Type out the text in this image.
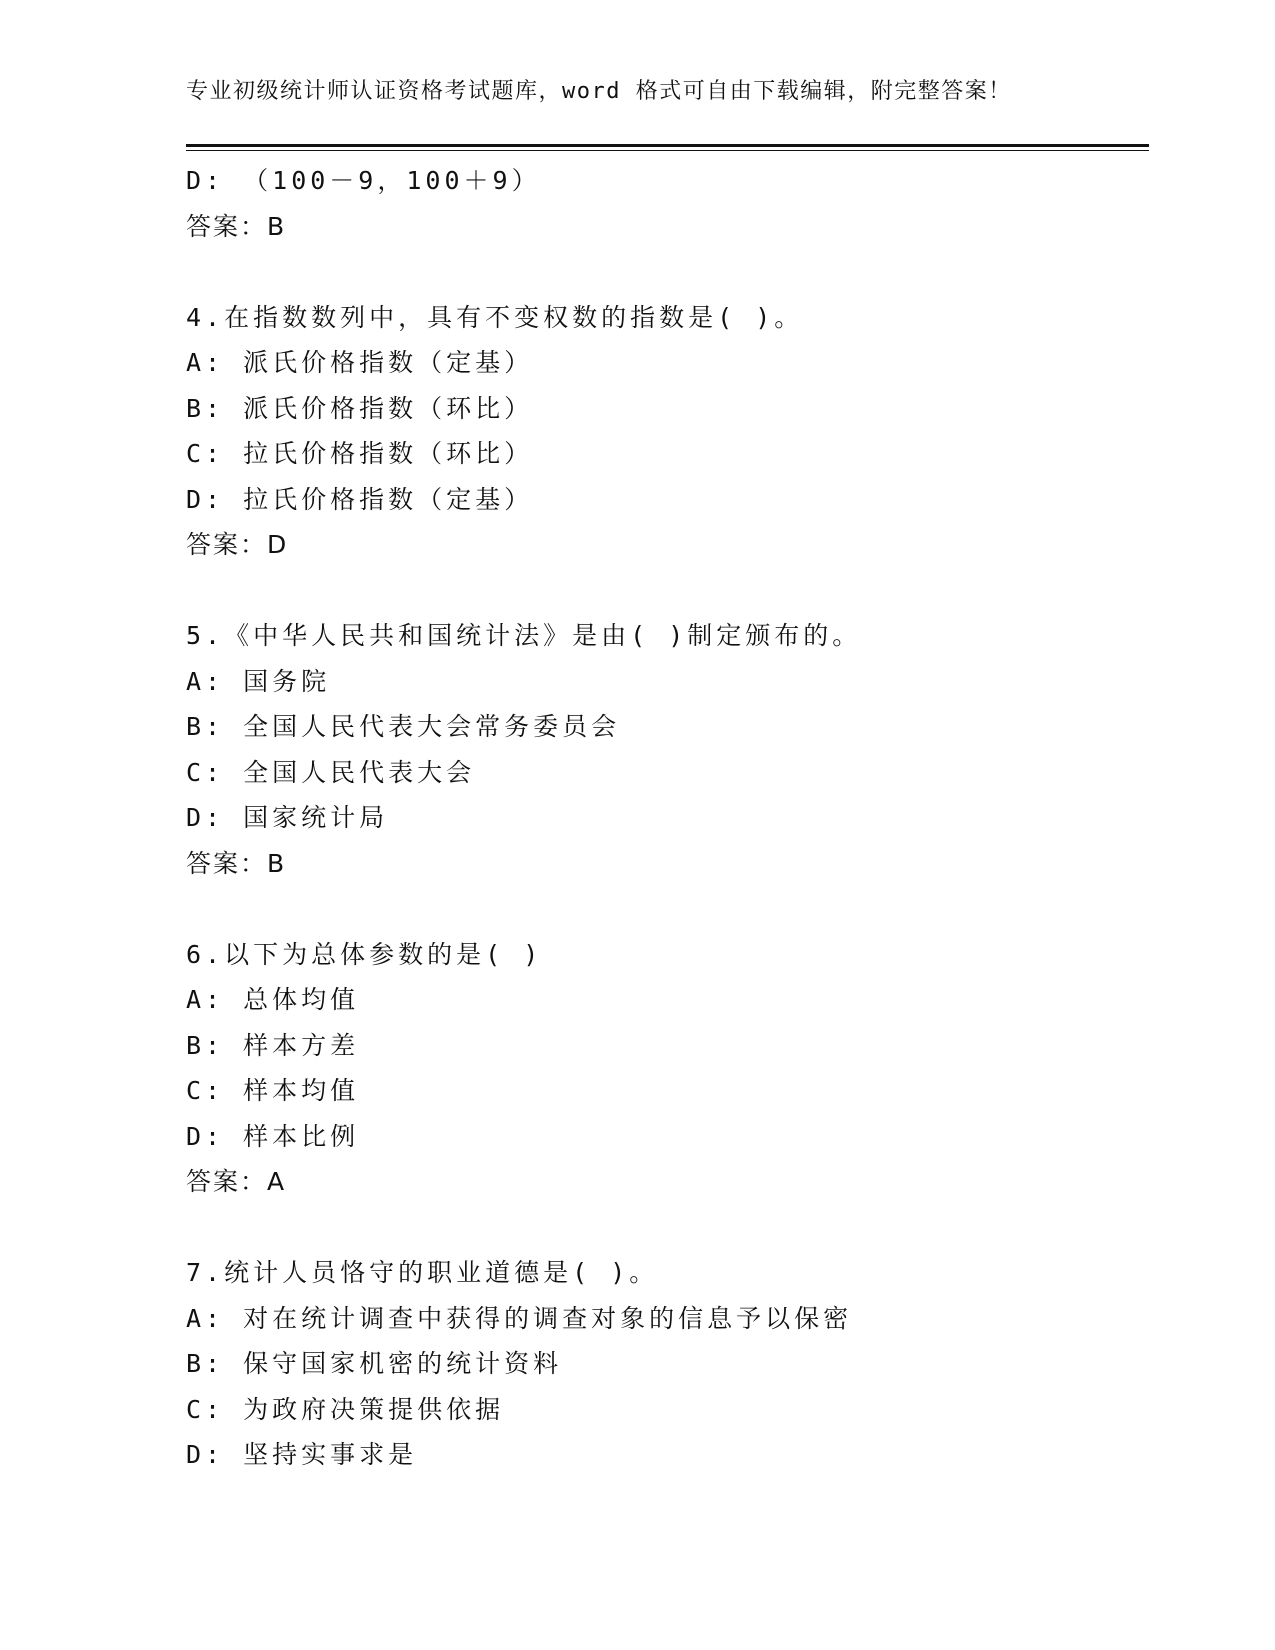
专业初级统计师认证资格考试题库，word 格式可自由下载编辑，附完整答案！
D: （100－9，100＋9）
答案：B
4.在指数数列中，具有不变权数的指数是( )。
A: 派氏价格指数（定基）
B: 派氏价格指数（环比）
C: 拉氏价格指数（环比）
D: 拉氏价格指数（定基）
答案：D
5.《中华人民共和国统计法》是由( )制定颁布的。
A: 国务院
B: 全国人民代表大会常务委员会
C: 全国人民代表大会
D: 国家统计局
答案：B
6.以下为总体参数的是( )
A: 总体均值
B: 样本方差
C: 样本均值
D: 样本比例
答案：A
7.统计人员恪守的职业道德是( )。
A: 对在统计调查中获得的调查对象的信息予以保密
B: 保守国家机密的统计资料
C: 为政府决策提供依据
D: 坚持实事求是
